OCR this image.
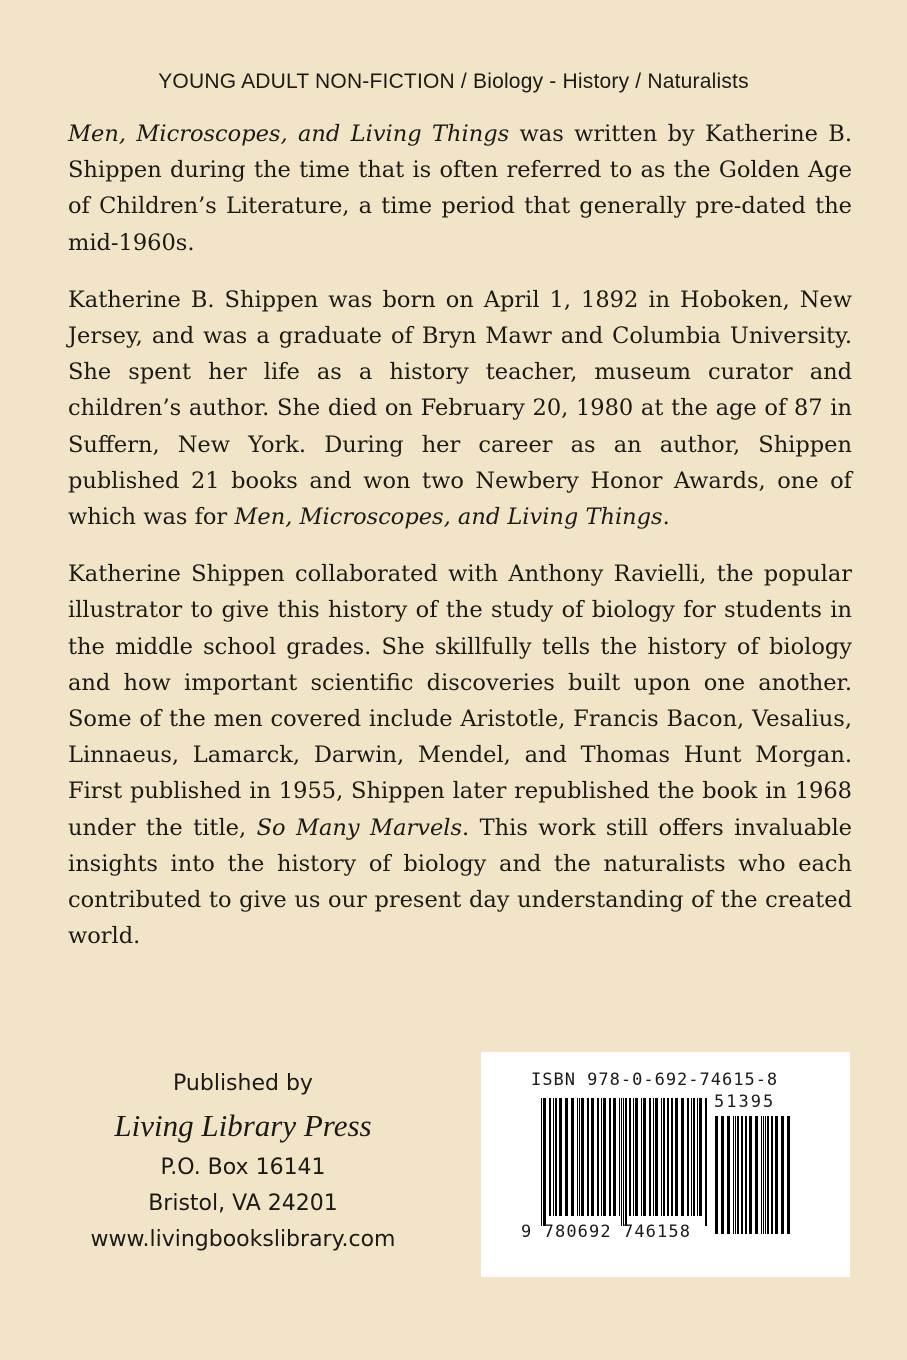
YOUNG ADULT NON-FICTION / Biology - History / Naturalists

Men, Microscopes, and Living Things was written by Katherine B. Shippen during the time that is often referred to as the Golden Age of Children’s Literature, a time period that generally pre-dated the mid-1960s.

Katherine B. Shippen was born on April 1, 1892 in Hoboken, New Jersey, and was a graduate of Bryn Mawr and Columbia University. She spent her life as a history teacher, museum curator and children’s author. She died on February 20, 1980 at the age of 87 in Suffern, New York. During her career as an author, Shippen published 21 books and won two Newbery Honor Awards, one of which was for Men, Microscopes, and Living Things.

Katherine Shippen collaborated with Anthony Ravielli, the popular illustrator to give this history of the study of biology for students in the middle school grades. She skillfully tells the history of biology and how important scientific discoveries built upon one another. Some of the men covered include Aristotle, Francis Bacon, Vesalius, Linnaeus, Lamarck, Darwin, Mendel, and Thomas Hunt Morgan. First published in 1955, Shippen later republished the book in 1968 under the title, So Many Marvels. This work still offers invaluable insights into the history of biology and the naturalists who each contributed to give us our present day understanding of the created world.

Published by
Living Library Press
P.O. Box 16141
Bristol, VA 24201
www.livingbookslibrary.com
ISBN 978-0-692-74615-8
51395
9 780692 746158
